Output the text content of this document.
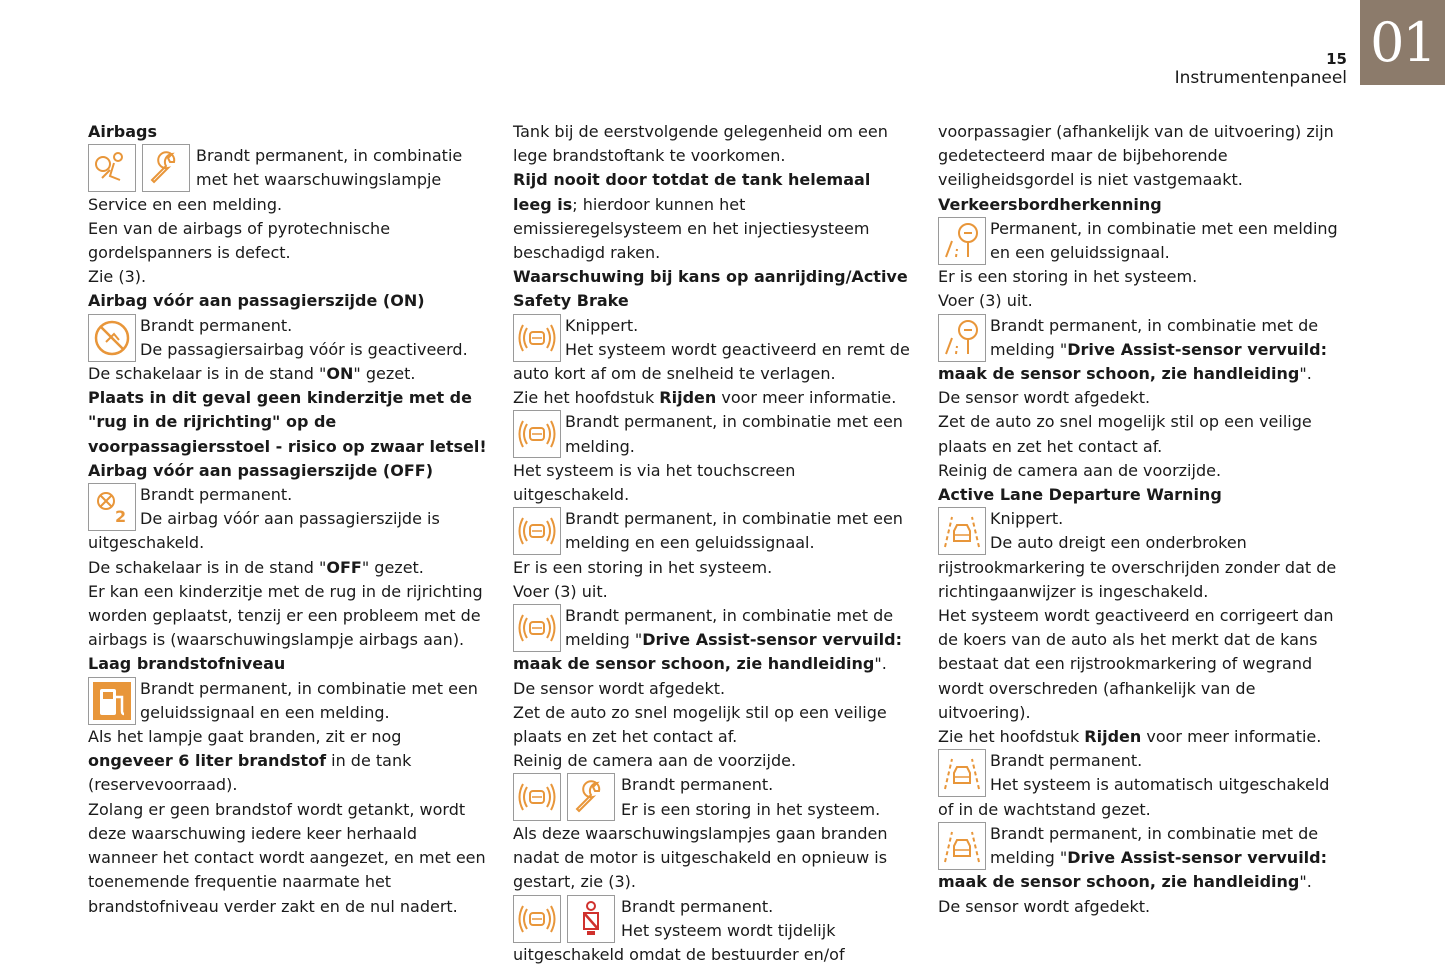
01
15
Instrumentenpaneel

Airbags

Brandt permanent, in combinatie met het waarschuwingslampje Service en een melding.

Een van de airbags of pyrotechnische gordelspanners is defect.

Zie (3).

Airbag vóór aan passagierszijde (ON)

Brandt permanent.

De passagiersairbag vóór is geactiveerd.

De schakelaar is in de stand "ON" gezet.

Plaats in dit geval geen kinderzitje met de "rug in de rijrichting" op de voorpassagiersstoel - risico op zwaar letsel!

Airbag vóór aan passagierszijde (OFF)

2

Brandt permanent.

De airbag vóór aan passagierszijde is uitgeschakeld.

De schakelaar is in de stand "OFF" gezet.

Er kan een kinderzitje met de rug in de rijrichting worden geplaatst, tenzij er een probleem met de airbags is (waarschuwingslampje airbags aan).

Laag brandstofniveau

Brandt permanent, in combinatie met een geluidssignaal en een melding.

Als het lampje gaat branden, zit er nog ongeveer 6 liter brandstof in de tank (reservevoorraad).

Zolang er geen brandstof wordt getankt, wordt deze waarschuwing iedere keer herhaald wanneer het contact wordt aangezet, en met een toenemende frequentie naarmate het brandstofniveau verder zakt en de nul nadert.

Tank bij de eerstvolgende gelegenheid om een lege brandstoftank te voorkomen.

Rijd nooit door totdat de tank helemaal leeg is; hierdoor kunnen het emissieregelsysteem en het injectiesysteem beschadigd raken.

Waarschuwing bij kans op aanrijding/Active Safety Brake

Knippert.

Het systeem wordt geactiveerd en remt de auto kort af om de snelheid te verlagen.

Zie het hoofdstuk Rijden voor meer informatie.

Brandt permanent, in combinatie met een melding.

Het systeem is via het touchscreen uitgeschakeld.

Brandt permanent, in combinatie met een melding en een geluidssignaal.

Er is een storing in het systeem.

Voer (3) uit.

Brandt permanent, in combinatie met de melding "Drive Assist-sensor vervuild: maak de sensor schoon, zie handleiding".

De sensor wordt afgedekt.

Zet de auto zo snel mogelijk stil op een veilige plaats en zet het contact af.

Reinig de camera aan de voorzijde.

Brandt permanent.

Er is een storing in het systeem.

Als deze waarschuwingslampjes gaan branden nadat de motor is uitgeschakeld en opnieuw is gestart, zie (3).

Brandt permanent.

Het systeem wordt tijdelijk uitgeschakeld omdat de bestuurder en/of

voorpassagier (afhankelijk van de uitvoering) zijn gedetecteerd maar de bijbehorende veiligheidsgordel is niet vastgemaakt.

Verkeersbordherkenning

Permanent, in combinatie met een melding en een geluidssignaal.

Er is een storing in het systeem.

Voer (3) uit.

Brandt permanent, in combinatie met de melding "Drive Assist-sensor vervuild: maak de sensor schoon, zie handleiding".

De sensor wordt afgedekt.

Zet de auto zo snel mogelijk stil op een veilige plaats en zet het contact af.

Reinig de camera aan de voorzijde.

Active Lane Departure Warning

Knippert.

De auto dreigt een onderbroken rijstrookmarkering te overschrijden zonder dat de richtingaanwijzer is ingeschakeld.

Het systeem wordt geactiveerd en corrigeert dan de koers van de auto als het merkt dat de kans bestaat dat een rijstrookmarkering of wegrand wordt overschreden (afhankelijk van de uitvoering).

Zie het hoofdstuk Rijden voor meer informatie.

Brandt permanent.

Het systeem is automatisch uitgeschakeld of in de wachtstand gezet.

Brandt permanent, in combinatie met de melding "Drive Assist-sensor vervuild: maak de sensor schoon, zie handleiding".

De sensor wordt afgedekt.
